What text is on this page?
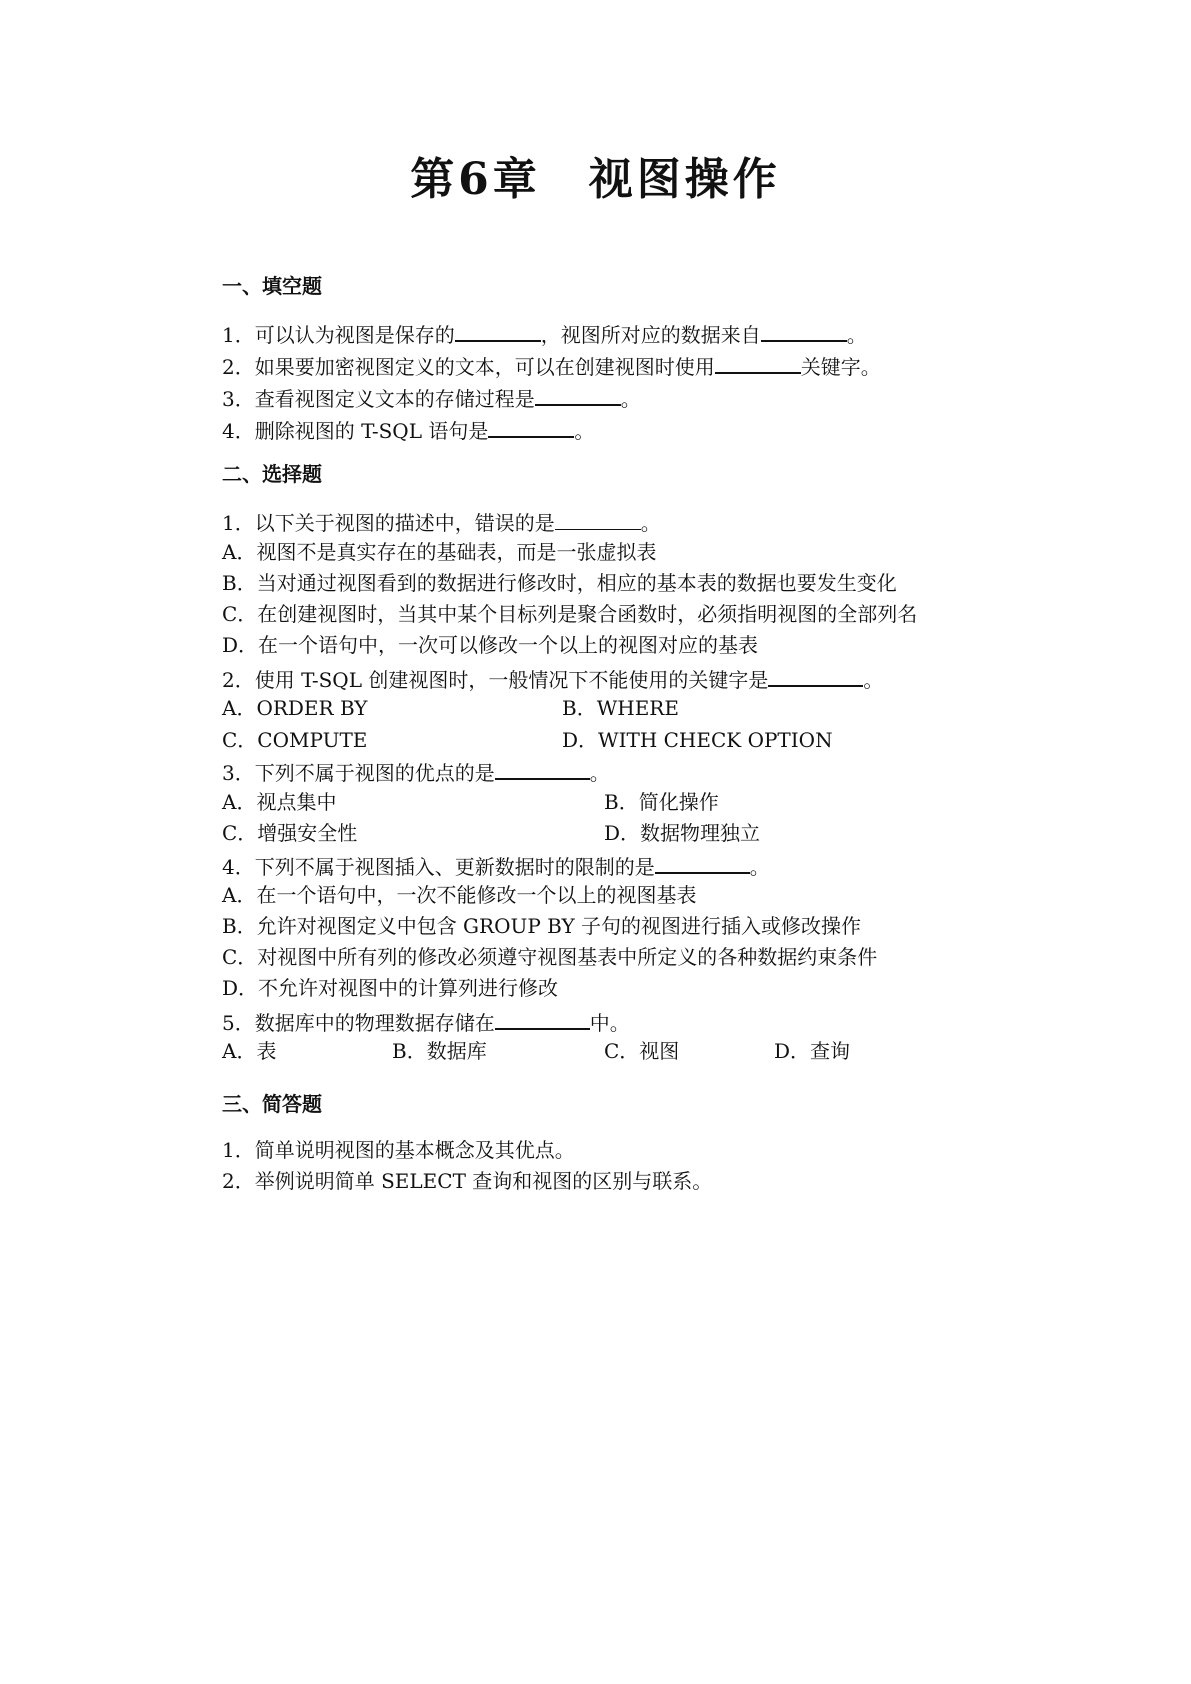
第6章　视图操作
一、填空题
1．可以认为视图是保存的	，视图所对应的数据来自	。
2．如果要加密视图定义的文本，可以在创建视图时使用	关键字。
3．查看视图定义文本的存储过程是	。
4．删除视图的 T-SQL 语句是	。
二、选择题
1．以下关于视图的描述中，错误的是	。
A．视图不是真实存在的基础表，而是一张虚拟表
B．当对通过视图看到的数据进行修改时，相应的基本表的数据也要发生变化
C．在创建视图时，当其中某个目标列是聚合函数时，必须指明视图的全部列名
D．在一个语句中，一次可以修改一个以上的视图对应的基表
2．使用 T-SQL 创建视图时，一般情况下不能使用的关键字是	。
A．ORDER BY	B．WHERE
C．COMPUTE	D．WITH CHECK OPTION
3．下列不属于视图的优点的是	。
A．视点集中	B．简化操作
C．增强安全性	D．数据物理独立
4．下列不属于视图插入、更新数据时的限制的是	。
A．在一个语句中，一次不能修改一个以上的视图基表
B．允许对视图定义中包含 GROUP BY 子句的视图进行插入或修改操作
C．对视图中所有列的修改必须遵守视图基表中所定义的各种数据约束条件
D．不允许对视图中的计算列进行修改
5．数据库中的物理数据存储在	中。
A．表	B．数据库	C．视图	D．查询
三、简答题
1．简单说明视图的基本概念及其优点。
2．举例说明简单 SELECT 查询和视图的区别与联系。
